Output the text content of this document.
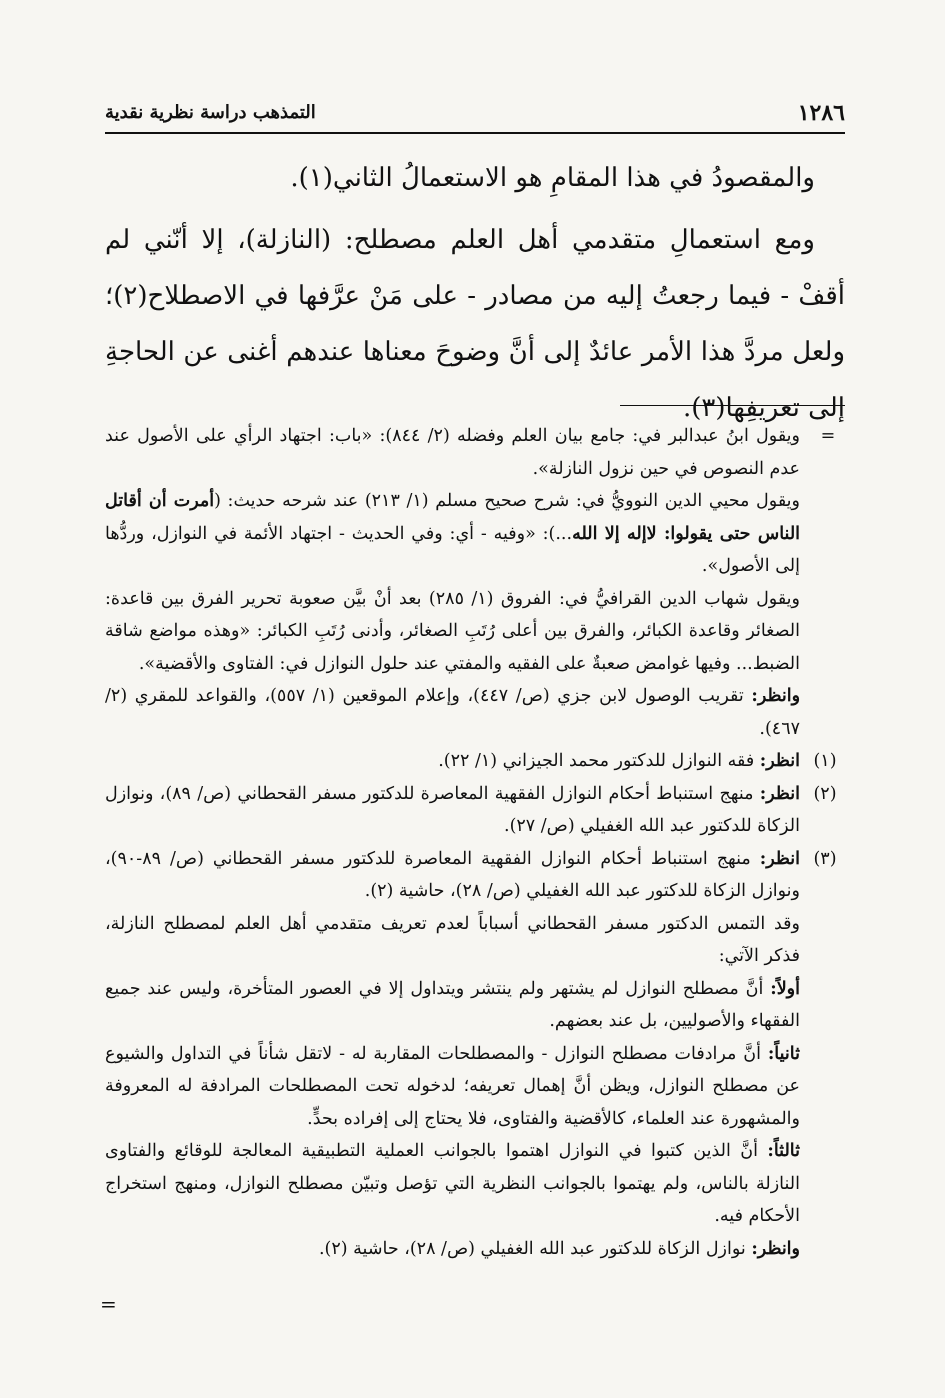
١٢٨٦
التمذهب دراسة نظرية نقدية

والمقصودُ في هذا المقامِ هو الاستعمالُ الثاني(١).

ومع استعمالِ متقدمي أهل العلم مصطلح: (النازلة)، إلا أنّني لم أقفْ - فيما رجعتُ إليه من مصادر - على مَنْ عرَّفها في الاصطلاح(٢)؛ ولعل مردَّ هذا الأمر عائدٌ إلى أنَّ وضوحَ معناها عندهم أغنى عن الحاجةِ إلى تعريفِها(٣).

=
ويقول ابنُ عبدالبر في: جامع بيان العلم وفضله (٢/ ٨٤٤): «باب: اجتهاد الرأي على الأصول عند عدم النصوص في حين نزول النازلة».

ويقول محيي الدين النوويُّ في: شرح صحيح مسلم (١/ ٢١٣) عند شرحه حديث: (أمرت أن أقاتل الناس حتى يقولوا: لاإله إلا الله...): «وفيه - أي: وفي الحديث - اجتهاد الأئمة في النوازل، وردُّها إلى الأصول».

ويقول شهاب الدين القرافيُّ في: الفروق (١/ ٢٨٥) بعد أنْ بيَّن صعوبة تحرير الفرق بين قاعدة: الصغائر وقاعدة الكبائر، والفرق بين أعلى رُتَبِ الصغائر، وأدنى رُتَبِ الكبائر: «وهذه مواضع شاقة الضبط... وفيها غوامض صعبةٌ على الفقيه والمفتي عند حلول النوازل في: الفتاوى والأقضية».

وانظر: تقريب الوصول لابن جزي (ص/ ٤٤٧)، وإعلام الموقعين (١/ ٥٥٧)، والقواعد للمقري (٢/ ٤٦٧).

(١)
انظر: فقه النوازل للدكتور محمد الجيزاني (١/ ٢٢).

(٢)
انظر: منهج استنباط أحكام النوازل الفقهية المعاصرة للدكتور مسفر القحطاني (ص/ ٨٩)، ونوازل الزكاة للدكتور عبد الله الغفيلي (ص/ ٢٧).

(٣)
انظر: منهج استنباط أحكام النوازل الفقهية المعاصرة للدكتور مسفر القحطاني (ص/ ٨٩-٩٠)، ونوازل الزكاة للدكتور عبد الله الغفيلي (ص/ ٢٨)، حاشية (٢).

وقد التمس الدكتور مسفر القحطاني أسباباً لعدم تعريف متقدمي أهل العلم لمصطلح النازلة، فذكر الآتي:

أولاً: أنَّ مصطلح النوازل لم يشتهر ولم ينتشر ويتداول إلا في العصور المتأخرة، وليس عند جميع الفقهاء والأصوليين، بل عند بعضهم.

ثانياً: أنَّ مرادفات مصطلح النوازل - والمصطلحات المقاربة له - لاتقل شأناً في التداول والشيوع عن مصطلح النوازل، ويظن أنَّ إهمال تعريفه؛ لدخوله تحت المصطلحات المرادفة له المعروفة والمشهورة عند العلماء، كالأقضية والفتاوى، فلا يحتاج إلى إفراده بحدٍّ.

ثالثاً: أنَّ الذين كتبوا في النوازل اهتموا بالجوانب العملية التطبيقية المعالجة للوقائع والفتاوى النازلة بالناس، ولم يهتموا بالجوانب النظرية التي تؤصل وتبيّن مصطلح النوازل، ومنهج استخراج الأحكام فيه.

وانظر: نوازل الزكاة للدكتور عبد الله الغفيلي (ص/ ٢٨)، حاشية (٢).

=
